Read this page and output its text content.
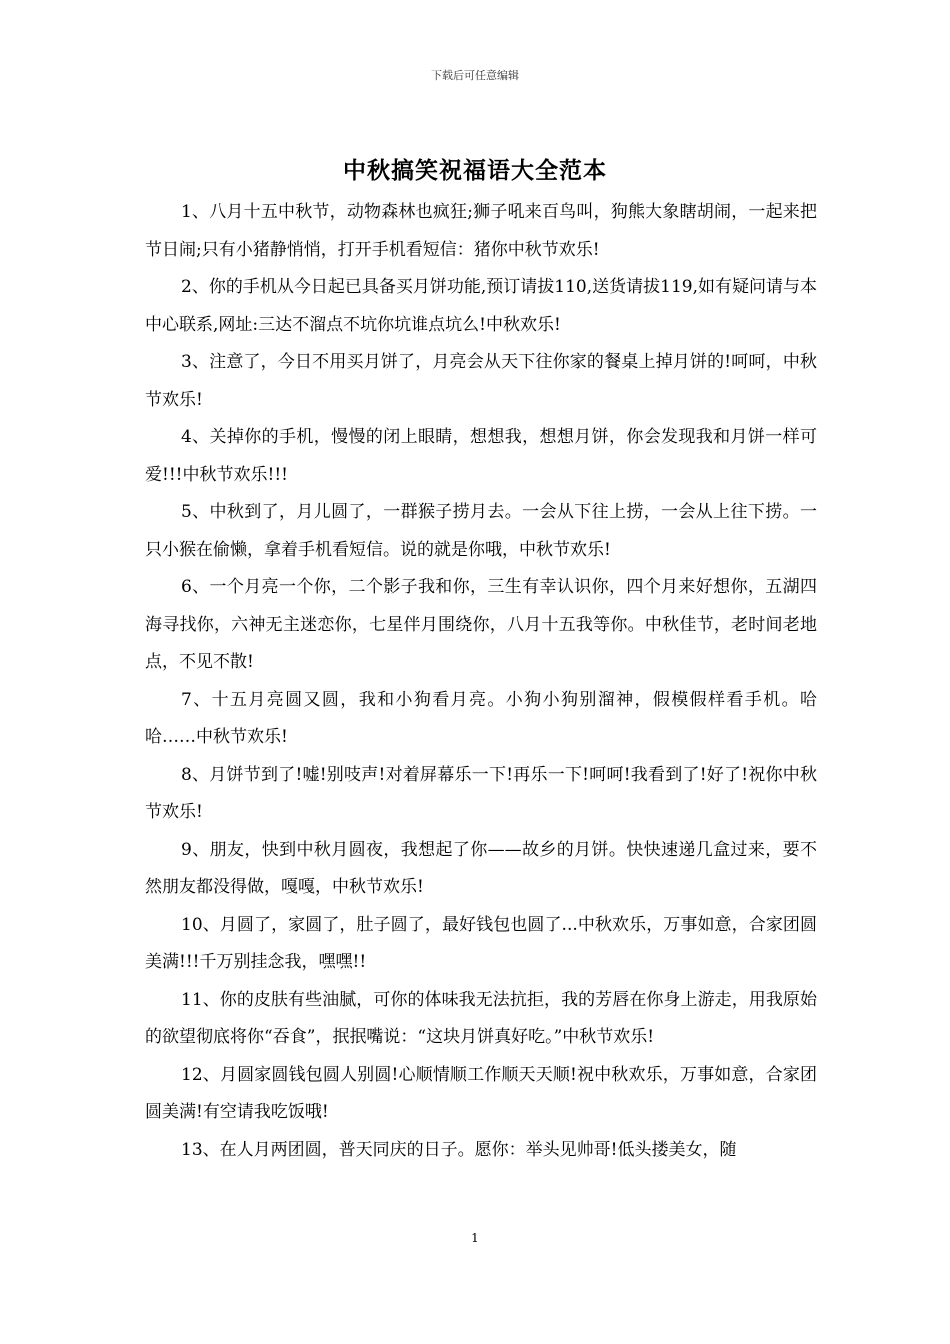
下载后可任意编辑
中秋搞笑祝福语大全范本

1、八月十五中秋节，动物森林也疯狂;狮子吼来百鸟叫，狗熊大象瞎胡闹，一起来把节日闹;只有小猪静悄悄，打开手机看短信：猪你中秋节欢乐!

2、你的手机从今日起已具备买月饼功能,预订请拔110,送货请拔119,如有疑问请与本中心联系,网址:三达不溜点不坑你坑谁点坑么!中秋欢乐!

3、注意了，今日不用买月饼了，月亮会从天下往你家的餐桌上掉月饼的!呵呵，中秋节欢乐!

4、关掉你的手机，慢慢的闭上眼睛，想想我，想想月饼，你会发现我和月饼一样可爱!!!中秋节欢乐!!!

5、中秋到了，月儿圆了，一群猴子捞月去。一会从下往上捞，一会从上往下捞。一只小猴在偷懒，拿着手机看短信。说的就是你哦，中秋节欢乐!

6、一个月亮一个你，二个影子我和你，三生有幸认识你，四个月来好想你，五湖四海寻找你，六神无主迷恋你，七星伴月围绕你，八月十五我等你。中秋佳节，老时间老地点，不见不散!

7、十五月亮圆又圆，我和小狗看月亮。小狗小狗别溜神，假模假样看手机。哈哈……中秋节欢乐!

8、月饼节到了!嘘!别吱声!对着屏幕乐一下!再乐一下!呵呵!我看到了!好了!祝你中秋节欢乐!

9、朋友，快到中秋月圆夜，我想起了你——故乡的月饼。快快速递几盒过来，要不然朋友都没得做，嘎嘎，中秋节欢乐!

10、月圆了，家圆了，肚子圆了，最好钱包也圆了...中秋欢乐，万事如意，合家团圆美满!!!千万别挂念我，嘿嘿!!

11、你的皮肤有些油腻，可你的体味我无法抗拒，我的芳唇在你身上游走，用我原始的欲望彻底将你“吞食”，抿抿嘴说：“这块月饼真好吃。”中秋节欢乐!

12、月圆家圆钱包圆人别圆!心顺情顺工作顺天天顺!祝中秋欢乐，万事如意，合家团圆美满!有空请我吃饭哦!

13、在人月两团圆，普天同庆的日子。愿你：举头见帅哥!低头搂美女，随

1
